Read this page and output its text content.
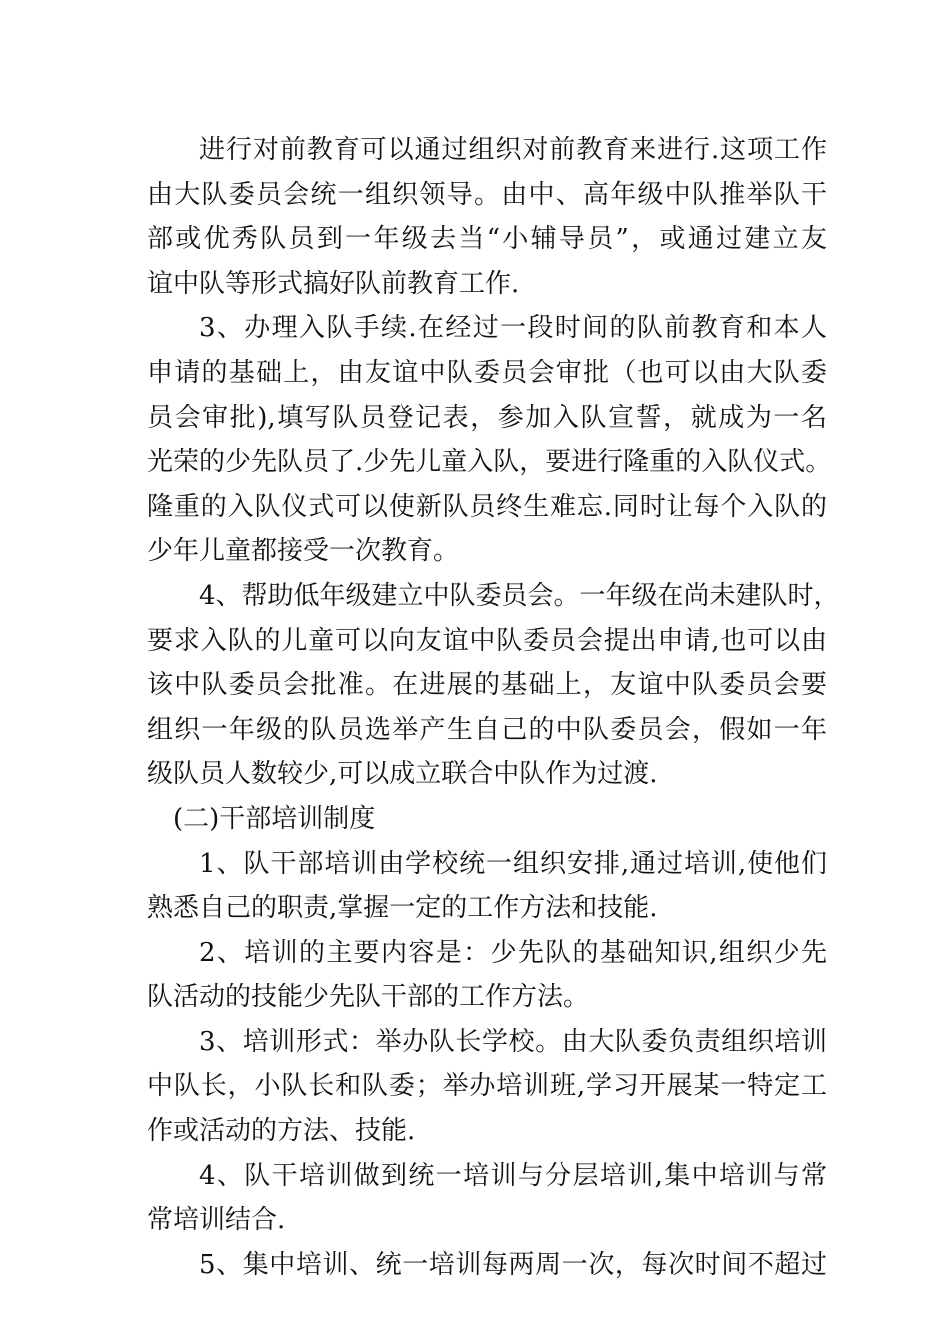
进行对前教育可以通过组织对前教育来进行.这项工作
由大队委员会统一组织领导。由中、高年级中队推举队干
部或优秀队员到一年级去当“小辅导员”，或通过建立友
谊中队等形式搞好队前教育工作.
3、办理入队手续.在经过一段时间的队前教育和本人
申请的基础上，由友谊中队委员会审批（也可以由大队委
员会审批),填写队员登记表，参加入队宣誓，就成为一名
光荣的少先队员了.少先儿童入队，要进行隆重的入队仪式。
隆重的入队仪式可以使新队员终生难忘.同时让每个入队的
少年儿童都接受一次教育。
4、帮助低年级建立中队委员会。一年级在尚未建队时，
要求入队的儿童可以向友谊中队委员会提出申请,也可以由
该中队委员会批准。在进展的基础上，友谊中队委员会要
组织一年级的队员选举产生自己的中队委员会，假如一年
级队员人数较少,可以成立联合中队作为过渡.
(二)干部培训制度
1、队干部培训由学校统一组织安排,通过培训,使他们
熟悉自己的职责,掌握一定的工作方法和技能.
2、培训的主要内容是：少先队的基础知识,组织少先
队活动的技能少先队干部的工作方法。
3、培训形式：举办队长学校。由大队委负责组织培训
中队长，小队长和队委；举办培训班,学习开展某一特定工
作或活动的方法、技能.
4、队干培训做到统一培训与分层培训,集中培训与常
常培训结合.
5、集中培训、统一培训每两周一次，每次时间不超过
